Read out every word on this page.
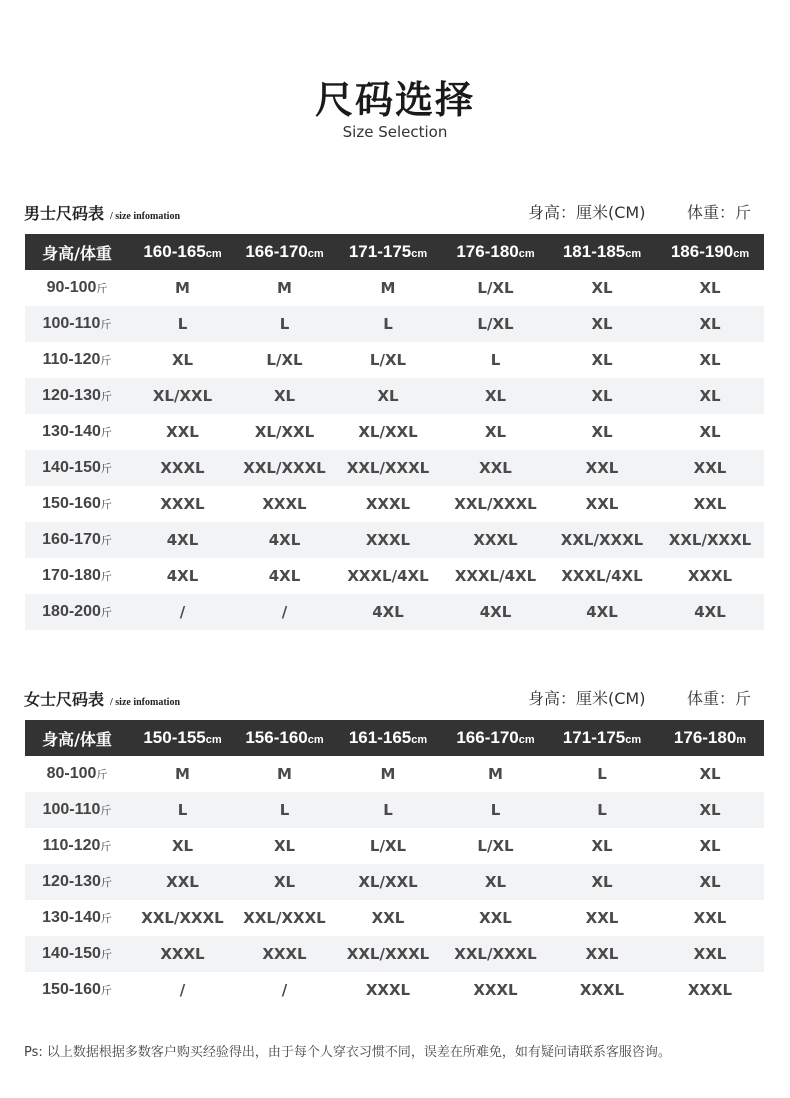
尺码选择
Size Selection
男士尺码表 / size infomation	身高：厘米(CM)	体重：斤
身高/体重	160-165cm	166-170cm	171-175cm	176-180cm	181-185cm	186-190cm
90-100斤	M	M	M	L/XL	XL	XL
100-110斤	L	L	L	L/XL	XL	XL
110-120斤	XL	L/XL	L/XL	L	XL	XL
120-130斤	XL/XXL	XL	XL	XL	XL	XL
130-140斤	XXL	XL/XXL	XL/XXL	XL	XL	XL
140-150斤	XXXL	XXL/XXXL	XXL/XXXL	XXL	XXL	XXL
150-160斤	XXXL	XXXL	XXXL	XXL/XXXL	XXL	XXL
160-170斤	4XL	4XL	XXXL	XXXL	XXL/XXXL	XXL/XXXL
170-180斤	4XL	4XL	XXXL/4XL	XXXL/4XL	XXXL/4XL	XXXL
180-200斤	/	/	4XL	4XL	4XL	4XL
女士尺码表 / size infomation	身高：厘米(CM)	体重：斤
身高/体重	150-155cm	156-160cm	161-165cm	166-170cm	171-175cm	176-180m
80-100斤	M	M	M	M	L	XL
100-110斤	L	L	L	L	L	XL
110-120斤	XL	XL	L/XL	L/XL	XL	XL
120-130斤	XXL	XL	XL/XXL	XL	XL	XL
130-140斤	XXL/XXXL	XXL/XXXL	XXL	XXL	XXL	XXL
140-150斤	XXXL	XXXL	XXL/XXXL	XXL/XXXL	XXL	XXL
150-160斤	/	/	XXXL	XXXL	XXXL	XXXL
Ps: 以上数据根据多数客户购买经验得出，由于每个人穿衣习惯不同，误差在所难免，如有疑问请联系客服咨询。
